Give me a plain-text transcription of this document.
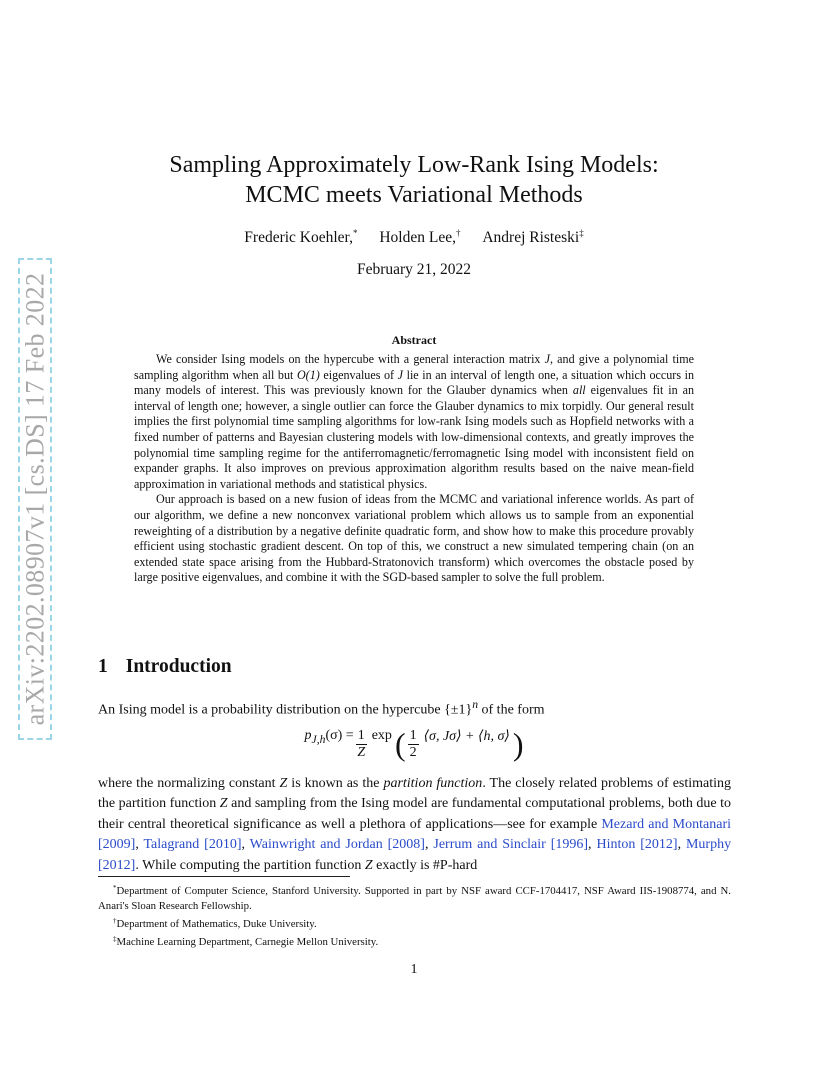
arXiv:2202.08907v1 [cs.DS] 17 Feb 2022
Sampling Approximately Low-Rank Ising Models:
MCMC meets Variational Methods
Frederic Koehler,* Holden Lee,† Andrej Risteski‡
February 21, 2022
Abstract

We consider Ising models on the hypercube with a general interaction matrix J, and give a polynomial time sampling algorithm when all but O(1) eigenvalues of J lie in an interval of length one, a situation which occurs in many models of interest. This was previously known for the Glauber dynamics when all eigenvalues fit in an interval of length one; however, a single outlier can force the Glauber dynamics to mix torpidly. Our general result implies the first polynomial time sampling algorithms for low-rank Ising models such as Hopfield networks with a fixed number of patterns and Bayesian clustering models with low-dimensional contexts, and greatly improves the polynomial time sampling regime for the antiferromagnetic/ferromagnetic Ising model with inconsistent field on expander graphs. It also improves on previous approximation algorithm results based on the naive mean-field approximation in variational methods and statistical physics.

Our approach is based on a new fusion of ideas from the MCMC and variational inference worlds. As part of our algorithm, we define a new nonconvex variational problem which allows us to sample from an exponential reweighting of a distribution by a negative definite quadratic form, and show how to make this procedure provably efficient using stochastic gradient descent. On top of this, we construct a new simulated tempering chain (on an extended state space arising from the Hubbard-Stratonovich transform) which overcomes the obstacle posed by large positive eigenvalues, and combine it with the SGD-based sampler to solve the full problem.

1 Introduction
An Ising model is a probability distribution on the hypercube $\{\pm 1\}^n$ of the form
$p_{J,h}(\sigma) = \frac{1}{Z}$ exp ( $\frac{1}{2}$ ⟨σ, Jσ⟩ + ⟨h, σ⟩ )
where the normalizing constant Z is known as the partition function. The closely related problems of estimating the partition function Z and sampling from the Ising model are fundamental computational problems, both due to their central theoretical significance as well a plethora of applications—see for example Mezard and Montanari [2009], Talagrand [2010], Wainwright and Jordan [2008], Jerrum and Sinclair [1996], Hinton [2012], Murphy [2012]. While computing the partition function Z exactly is #P-hard

*Department of Computer Science, Stanford University. Supported in part by NSF award CCF-1704417, NSF Award IIS-1908774, and N. Anari's Sloan Research Fellowship.

†Department of Mathematics, Duke University.

‡Machine Learning Department, Carnegie Mellon University.

1
